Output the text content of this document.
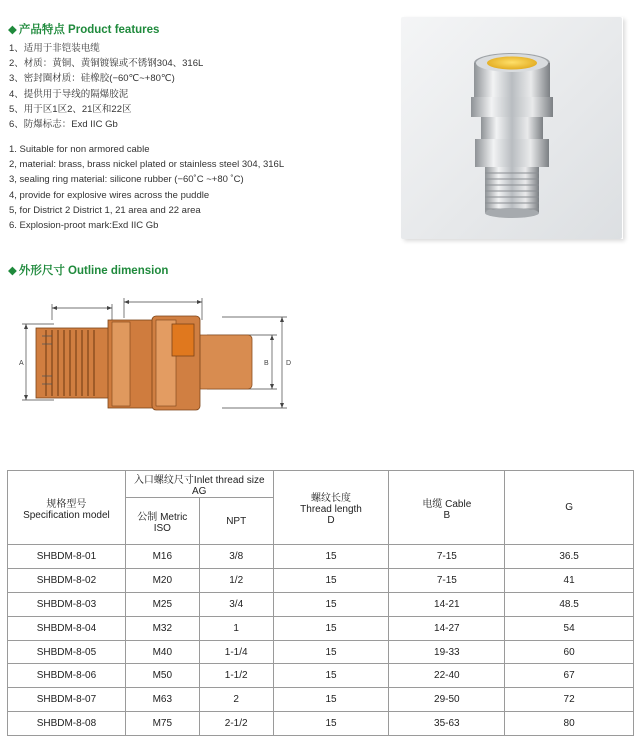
◆ 产品特点 Product features
1、适用于非铠装电缆
2、材质：黄铜、黄铜镀镍或不锈钢304、316L
3、密封圈材质：硅橡胶(−60℃~+80℃)
4、提供用于导线的隔爆胶泥
5、用于区1区2、21区和22区
6、防爆标志：Exd IIC Gb
1. Suitable for non armored cable
2, material: brass, brass nickel plated or stainless steel 304, 316L
3, sealing ring material: silicone rubber (−60˚C ~+80 ˚C)
4, provide for explosive wires across the puddle
5, for District 2 District 1, 21 area and 22 area
6. Explosion-proot mark:Exd IIC Gb
◆ 外形尺寸 Outline dimension
A	B D
规格型号
Specification model	入口螺纹尺寸Inlet thread size AG		螺纹长度
Thread length
D	电缆 Cable
B	G

	公制 Metric
ISO	NPT			
SHBDM-8-01	M16	3/8	15	7-15	36.5
SHBDM-8-02	M20	1/2	15	7-15	41
SHBDM-8-03	M25	3/4	15	14-21	48.5
SHBDM-8-04	M32	1	15	14-27	54
SHBDM-8-05	M40	1-1/4	15	19-33	60
SHBDM-8-06	M50	1-1/2	15	22-40	67
SHBDM-8-07	M63	2	15	29-50	72
SHBDM-8-08	M75	2-1/2	15	35-63	80
